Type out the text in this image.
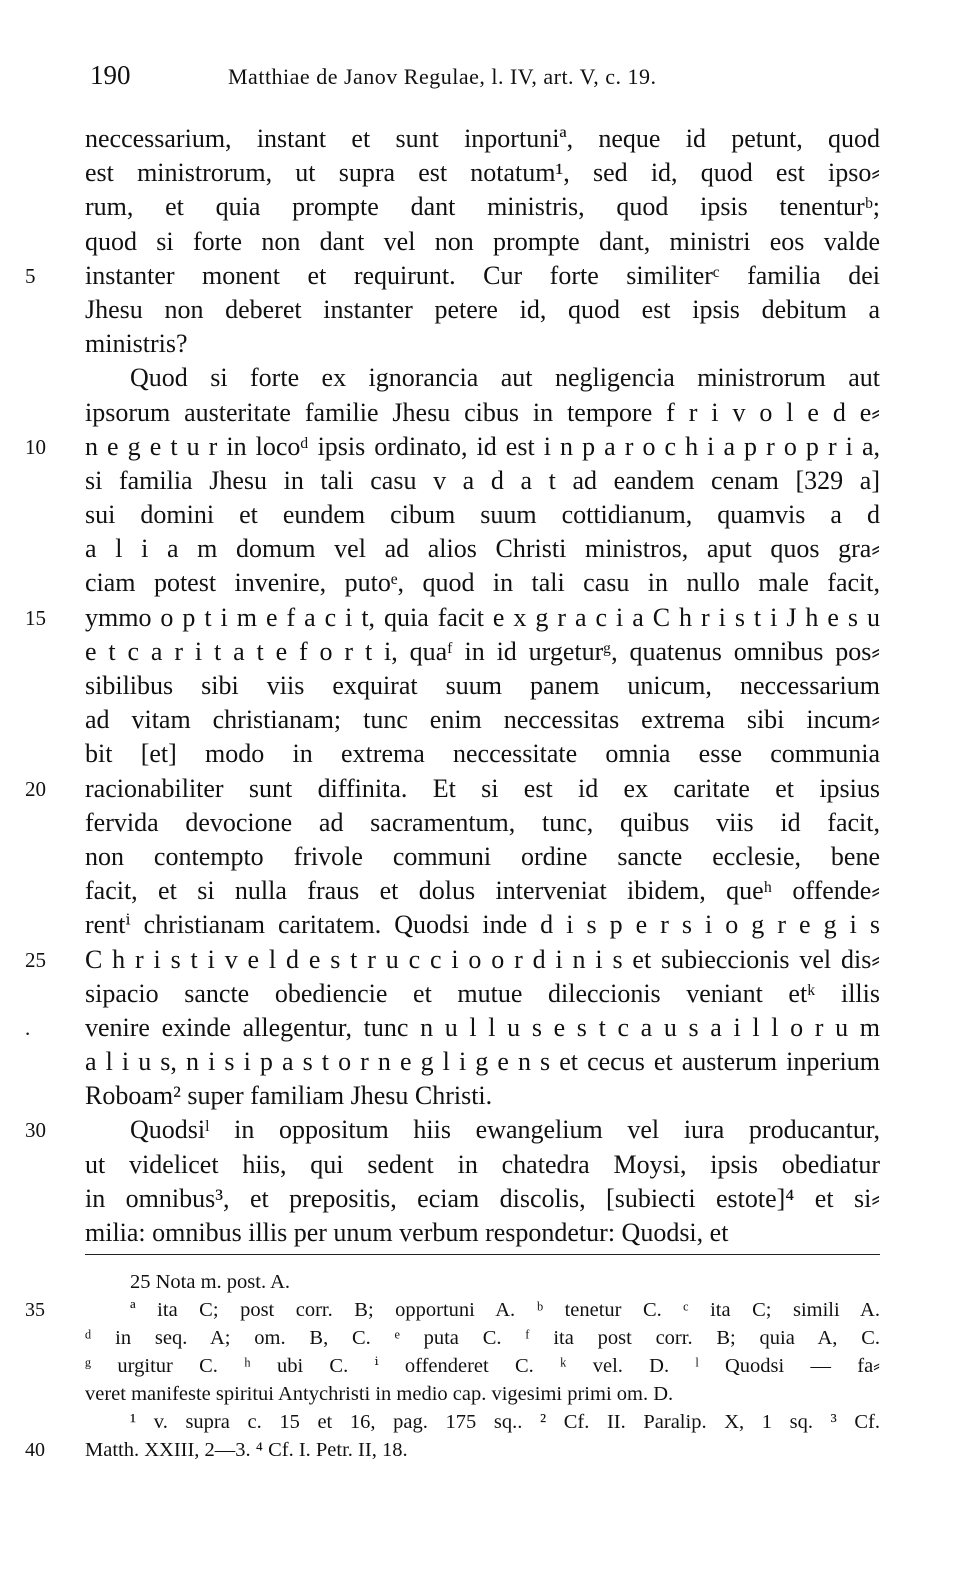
190	Matthiae de Janov Regulae, l. IV, art. V, c. 19.
neccessarium, instant et sunt inportuniª, neque id petunt, quod
est ministrorum, ut supra est notatum¹, sed id, quod est ipso⸗
rum, et quia prompte dant ministris, quod ipsis tenenturᵇ;
quod si forte non dant vel non prompte dant, ministri eos valde
5	instanter monent et requirunt. Cur forte similiterᶜ familia dei
Jhesu non deberet instanter petere id, quod est ipsis debitum a
ministris?
Quod si forte ex ignorancia aut negligencia ministrorum aut
ipsorum austeritate familie Jhesu cibus in tempore f r i v o l e d e⸗
10	n e g e t u r in locoᵈ ipsis ordinato, id est i n p a r o c h i a p r o p r i a,
si familia Jhesu in tali casu v a d a t ad eandem cenam [329 a]
sui domini et eundem cibum suum cottidianum, quamvis a d
a l i a m domum vel ad alios Christi ministros, aput quos gra⸗
ciam potest invenire, putoᵉ, quod in tali casu in nullo male facit,
15	ymmo o p t i m e f a c i t, quia facit e x g r a c i a C h r i s t i J h e s u
e t c a r i t a t e f o r t i, quaᶠ in id urgeturᵍ, quatenus omnibus pos⸗
sibilibus sibi viis exquirat suum panem unicum, neccessarium
ad vitam christianam; tunc enim neccessitas extrema sibi incum⸗
bit [et] modo in extrema neccessitate omnia esse communia
20	racionabiliter sunt diffinita. Et si est id ex caritate et ipsius
fervida devocione ad sacramentum, tunc, quibus viis id facit,
non contempto frivole communi ordine sancte ecclesie, bene
facit, et si nulla fraus et dolus interveniat ibidem, queʰ offende⸗
rentⁱ christianam caritatem. Quodsi inde d i s p e r s i o g r e g i s
25	C h r i s t i v e l d e s t r u c c i o o r d i n i s et subieccionis vel dis⸗
sipacio sancte obediencie et mutue dileccionis veniant etᵏ illis
.	venire exinde allegentur, tunc n u l l u s e s t c a u s a i l l o r u m
a l i u s, n i s i p a s t o r n e g l i g e n s et cecus et austerum inperium
Roboam² super familiam Jhesu Christi.
30	Quodsiˡ in oppositum hiis ewangelium vel iura producantur,
ut videlicet hiis, qui sedent in chatedra Moysi, ipsis obediatur
in omnibus³, et prepositis, eciam discolis, [subiecti estote]⁴ et si⸗
milia: omnibus illis per unum verbum respondetur: Quodsi, et
25 Nota m. post. A.
35	ª ita C; post corr. B; opportuni A. ᵇ tenetur C. ᶜ ita C; simili A.
ᵈ in seq. A; om. B, C. ᵉ puta C. ᶠ ita post corr. B; quia A, C.
ᵍ urgitur C. ʰ ubi C. ⁱ offenderet C. ᵏ vel. D. ˡ Quodsi — fa⸗
veret manifeste spiritui Antychristi in medio cap. vigesimi primi om. D.
¹ v. supra c. 15 et 16, pag. 175 sq.. ² Cf. II. Paralip. X, 1 sq. ³ Cf.
40	Matth. XXIII, 2—3. ⁴ Cf. I. Petr. II, 18.
